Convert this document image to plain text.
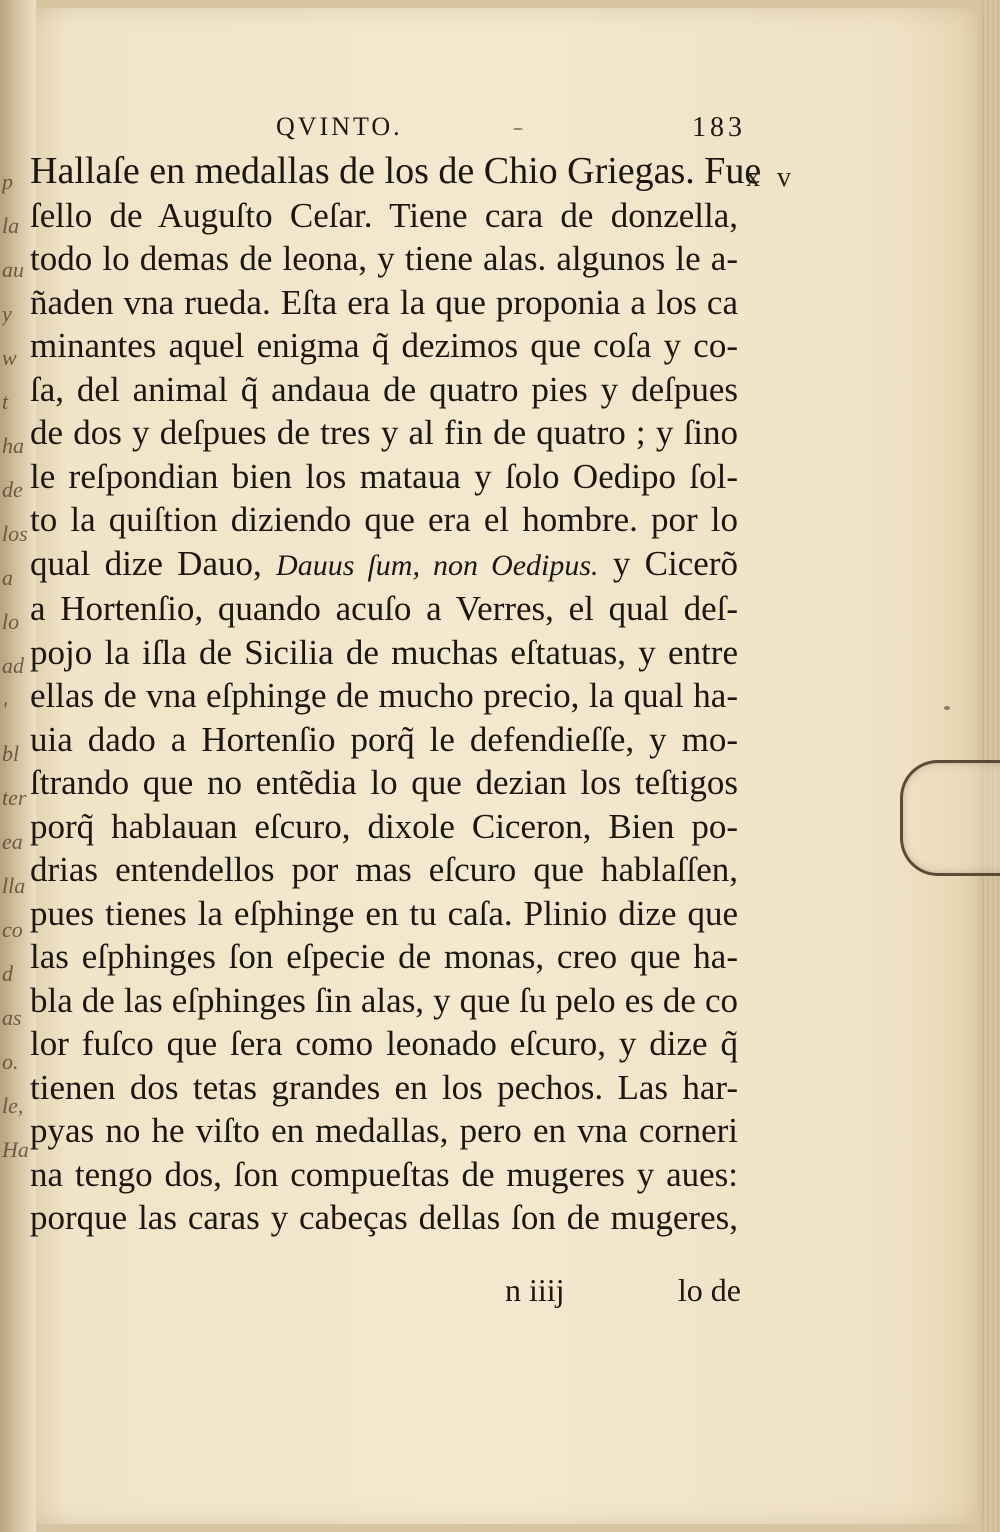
p
la
au
y
w
t
ha
de
los
a
lo
ad
'
bl
ter
ea
lla
co
d
as
o.
le,
Ha
QVINTO.	183
x v
Hallaſe en medallas de los de Chio Griegas. Fue
ſello de Auguſto Ceſar. Tiene cara de donzella,
todo lo demas de leona, y tiene alas. algunos le a-
ñaden vna rueda. Eſta era la que proponia a los ca
minantes aquel enigma q̃ dezimos que coſa y co-
ſa, del animal q̃ andaua de quatro pies y deſpues
de dos y deſpues de tres y al fin de quatro ; y ſino
le reſpondian bien los mataua y ſolo Oedipo ſol-
to la quiſtion diziendo que era el hombre. por lo
qual dize Dauo, Dauus ſum, non Oedipus. y Cicerõ
a Hortenſio, quando acuſo a Verres, el qual deſ-
pojo la iſla de Sicilia de muchas eſtatuas, y entre
ellas de vna eſphinge de mucho precio, la qual ha-
uia dado a Hortenſio porq̃ le defendieſſe, y mo-
ſtrando que no entẽdia lo que dezian los teſtigos
porq̃ hablauan eſcuro, dixole Ciceron, Bien po-
drias entendellos por mas eſcuro que hablaſſen,
pues tienes la eſphinge en tu caſa. Plinio dize que
las eſphinges ſon eſpecie de monas, creo que ha-
bla de las eſphinges ſin alas, y que ſu pelo es de co
lor fuſco que ſera como leonado eſcuro, y dize q̃
tienen dos tetas grandes en los pechos. Las har-
pyas no he viſto en medallas, pero en vna corneri
na tengo dos, ſon compueſtas de mugeres y aues:
porque las caras y cabeças dellas ſon de mugeres,
n iiij	lo de
